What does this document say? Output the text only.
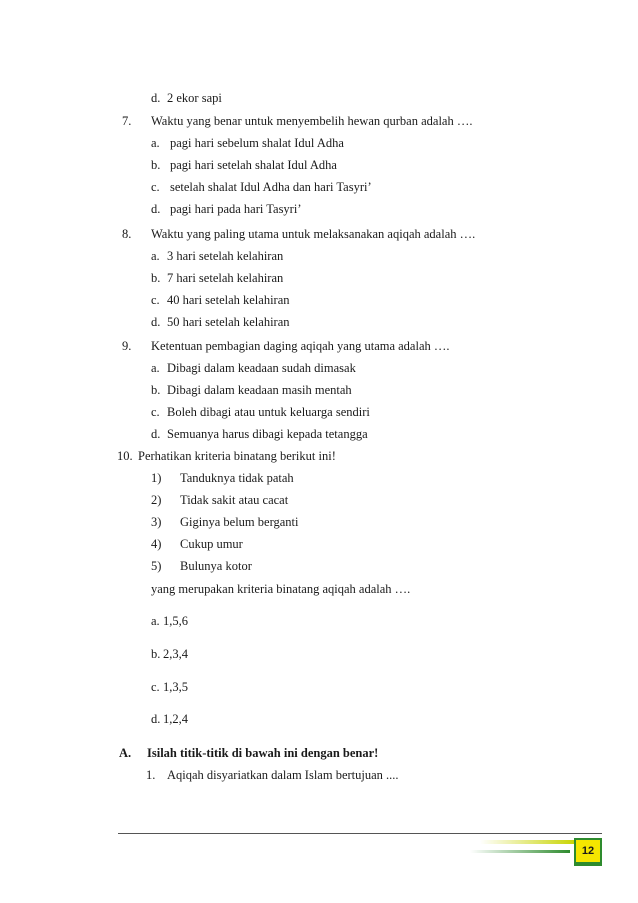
d. 2 ekor sapi
7. Waktu yang benar untuk menyembelih hewan qurban adalah ….
a. pagi hari sebelum shalat Idul Adha
b. pagi hari setelah shalat Idul Adha
c. setelah shalat Idul Adha dan hari Tasyri’
d. pagi hari pada hari Tasyri’
8. Waktu yang paling utama untuk melaksanakan aqiqah adalah ….
a. 3 hari setelah kelahiran
b. 7 hari setelah kelahiran
c. 40 hari setelah kelahiran
d. 50 hari setelah kelahiran
9. Ketentuan pembagian daging aqiqah yang utama adalah ….
a. Dibagi dalam keadaan sudah dimasak
b. Dibagi dalam keadaan masih mentah
c. Boleh dibagi atau untuk keluarga sendiri
d. Semuanya harus dibagi kepada tetangga
10. Perhatikan kriteria binatang berikut ini!
1) Tanduknya tidak patah
2) Tidak sakit atau cacat
3) Giginya belum berganti
4) Cukup umur
5) Bulunya kotor
yang merupakan kriteria binatang aqiqah adalah ….
a. 1,5,6
b. 2,3,4
c. 1,3,5
d. 1,2,4
A. Isilah titik-titik di bawah ini dengan benar!
1. Aqiqah disyariatkan dalam Islam bertujuan ....
12
